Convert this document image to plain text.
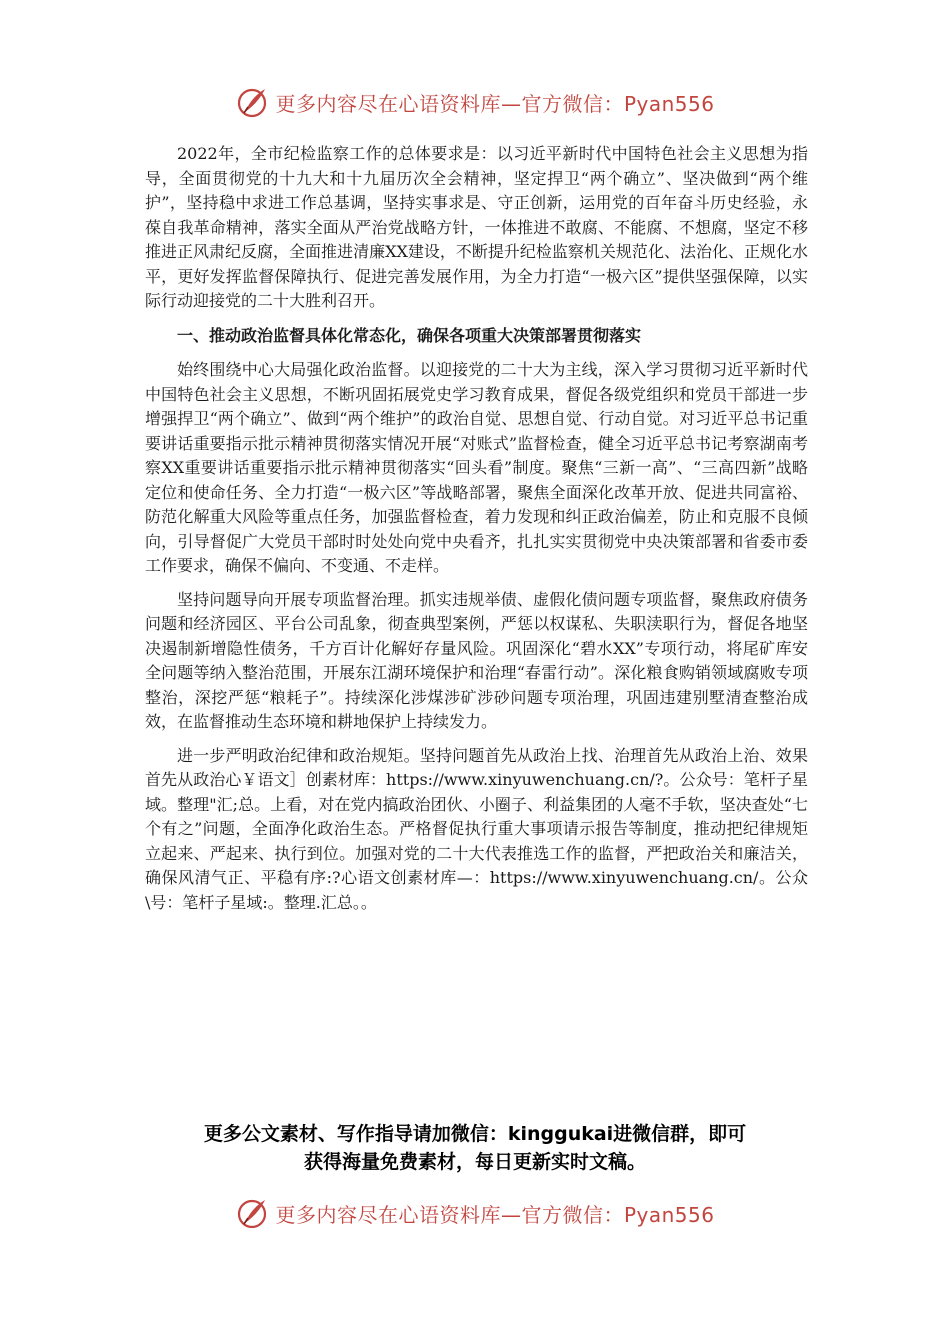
更多内容尽在心语资料库—官方微信：Pyan556

2022年，全市纪检监察工作的总体要求是：以习近平新时代中国特色社会主义思想为指导，全面贯彻党的十九大和十九届历次全会精神，坚定捍卫“两个确立”、坚决做到“两个维护”，坚持稳中求进工作总基调，坚持实事求是、守正创新，运用党的百年奋斗历史经验，永葆自我革命精神，落实全面从严治党战略方针，一体推进不敢腐、不能腐、不想腐，坚定不移推进正风肃纪反腐，全面推进清廉XX建设，不断提升纪检监察机关规范化、法治化、正规化水平，更好发挥监督保障执行、促进完善发展作用，为全力打造“一极六区”提供坚强保障，以实际行动迎接党的二十大胜利召开。

一、推动政治监督具体化常态化，确保各项重大决策部署贯彻落实

始终围绕中心大局强化政治监督。以迎接党的二十大为主线，深入学习贯彻习近平新时代中国特色社会主义思想，不断巩固拓展党史学习教育成果，督促各级党组织和党员干部进一步增强捍卫“两个确立”、做到“两个维护”的政治自觉、思想自觉、行动自觉。对习近平总书记重要讲话重要指示批示精神贯彻落实情况开展“对账式”监督检查，健全习近平总书记考察湖南考察XX重要讲话重要指示批示精神贯彻落实“回头看”制度。聚焦“三新一高”、“三高四新”战略定位和使命任务、全力打造“一极六区”等战略部署，聚焦全面深化改革开放、促进共同富裕、防范化解重大风险等重点任务，加强监督检查，着力发现和纠正政治偏差，防止和克服不良倾向，引导督促广大党员干部时时处处向党中央看齐，扎扎实实贯彻党中央决策部署和省委市委工作要求，确保不偏向、不变通、不走样。

坚持问题导向开展专项监督治理。抓实违规举债、虚假化债问题专项监督，聚焦政府债务问题和经济园区、平台公司乱象，彻查典型案例，严惩以权谋私、失职渎职行为，督促各地坚决遏制新增隐性债务，千方百计化解好存量风险。巩固深化“碧水XX”专项行动，将尾矿库安全问题等纳入整治范围，开展东江湖环境保护和治理“春雷行动”。深化粮食购销领域腐败专项整治，深挖严惩“粮耗子”。持续深化涉煤涉矿涉砂问题专项治理，巩固违建别墅清查整治成效，在监督推动生态环境和耕地保护上持续发力。

进一步严明政治纪律和政治规矩。坚持问题首先从政治上找、治理首先从政治上治、效果首先从政治心￥语文］创素材库：https://www.xinyuwenchuang.cn/?。公众号：笔杆子星域。整理"汇;总。上看，对在党内搞政治团伙、小圈子、利益集团的人毫不手软，坚决查处“七个有之”问题，全面净化政治生态。严格督促执行重大事项请示报告等制度，推动把纪律规矩立起来、严起来、执行到位。加强对党的二十大代表推选工作的监督，严把政治关和廉洁关，确保风清气正、平稳有序:?心语文创素材库—：https://www.xinyuwenchuang.cn/。公众\号：笔杆子星域:。整理.汇总。。

更多公文素材、写作指导请加微信：kinggukai进微信群，即可
获得海量免费素材，每日更新实时文稿。
更多内容尽在心语资料库—官方微信：Pyan556
